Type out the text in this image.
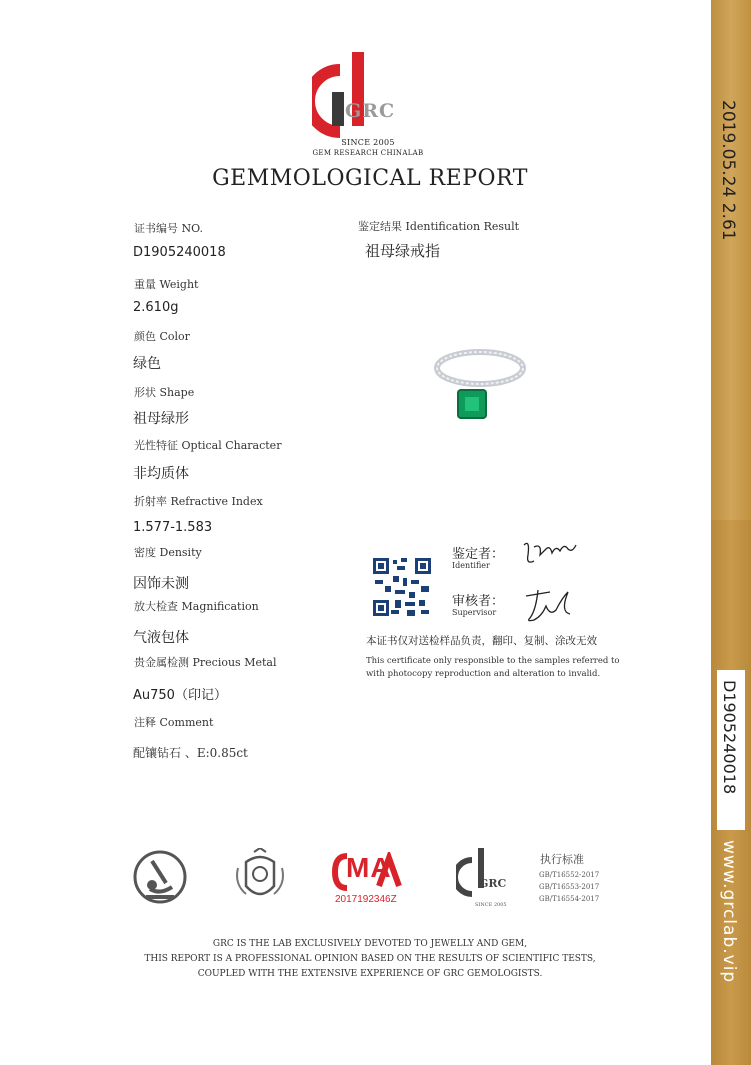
GRC
SINCE 2005
GEM RESEARCH CHINALAB
GEMMOLOGICAL REPORT
证书编号 NO.
D1905240018
重量 Weight
2.610g
颜色 Color
绿色
形状 Shape
祖母绿形
光性特征 Optical Character
非均质体
折射率 Refractive Index
1.577-1.583
密度 Density
因饰未测
放大检查 Magnification
气液包体
贵金属检测 Precious Metal
Au750（印记）
注释 Comment
配镶钻石 、E:0.85ct
鉴定结果 Identification Result
祖母绿戒指
鉴定者：
Identifier
审核者：
Supervisor
本证书仅对送检样品负责，翻印、复制、涂改无效
This certificate only responsible to the samples referred to
with photocopy reproduction and alteration to invalid.
MA
2017192346Z
GRC
SINCE 2005
执行标准
GB/T16552-2017
GB/T16553-2017
GB/T16554-2017
GRC IS THE LAB EXCLUSIVELY DEVOTED TO JEWELLY AND GEM,
THIS REPORT IS A PROFESSIONAL OPINION BASED ON THE RESULTS OF SCIENTIFIC TESTS,
COUPLED WITH THE EXTENSIVE EXPERIENCE OF GRC GEMOLOGISTS.
2019.05.24 2.61
D1905240018
www.grclab.vip
